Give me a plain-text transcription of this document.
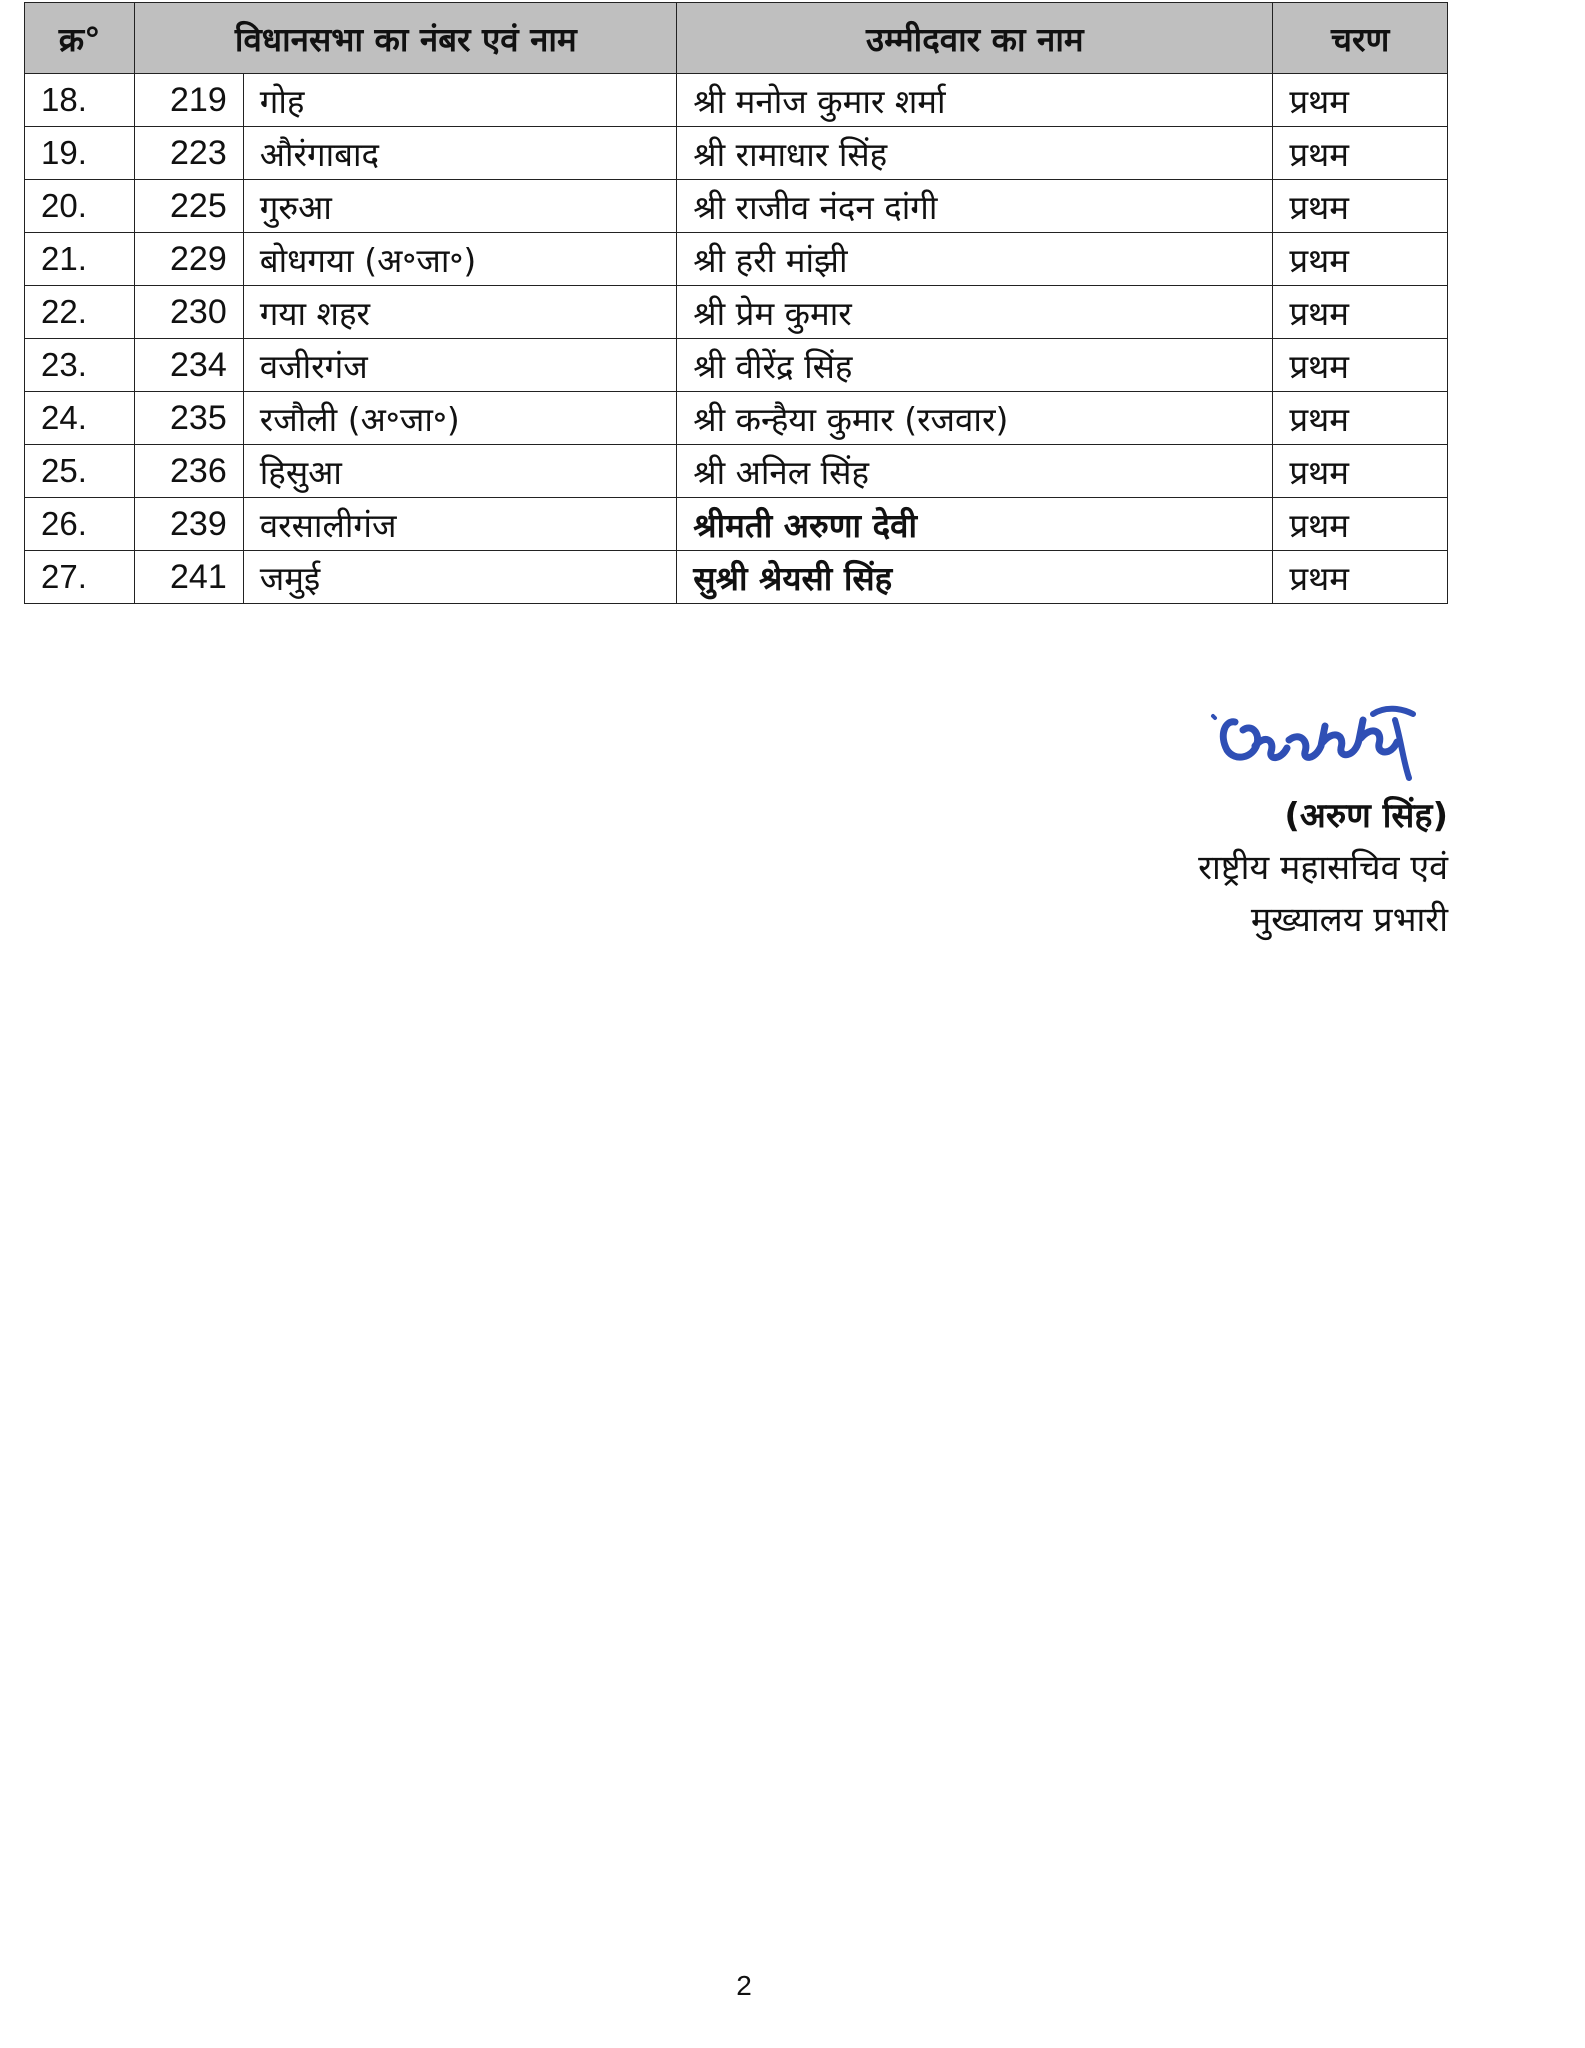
क्र°	विधानसभा का नंबर एवं नाम		उम्मीदवार का नाम	चरण
18.	219	गोह	श्री मनोज कुमार शर्मा	प्रथम
19.	223	औरंगाबाद	श्री रामाधार सिंह	प्रथम
20.	225	गुरुआ	श्री राजीव नंदन दांगी	प्रथम
21.	229	बोधगया (अ॰जा॰)	श्री हरी मांझी	प्रथम
22.	230	गया शहर	श्री प्रेम कुमार	प्रथम
23.	234	वजीरगंज	श्री वीरेंद्र सिंह	प्रथम
24.	235	रजौली (अ॰जा॰)	श्री कन्हैया कुमार (रजवार)	प्रथम
25.	236	हिसुआ	श्री अनिल सिंह	प्रथम
26.	239	वरसालीगंज	श्रीमती अरुणा देवी	प्रथम
27.	241	जमुई	सुश्री श्रेयसी सिंह	प्रथम
(अरुण सिंह)
राष्ट्रीय महासचिव एवं
मुख्यालय प्रभारी
2
